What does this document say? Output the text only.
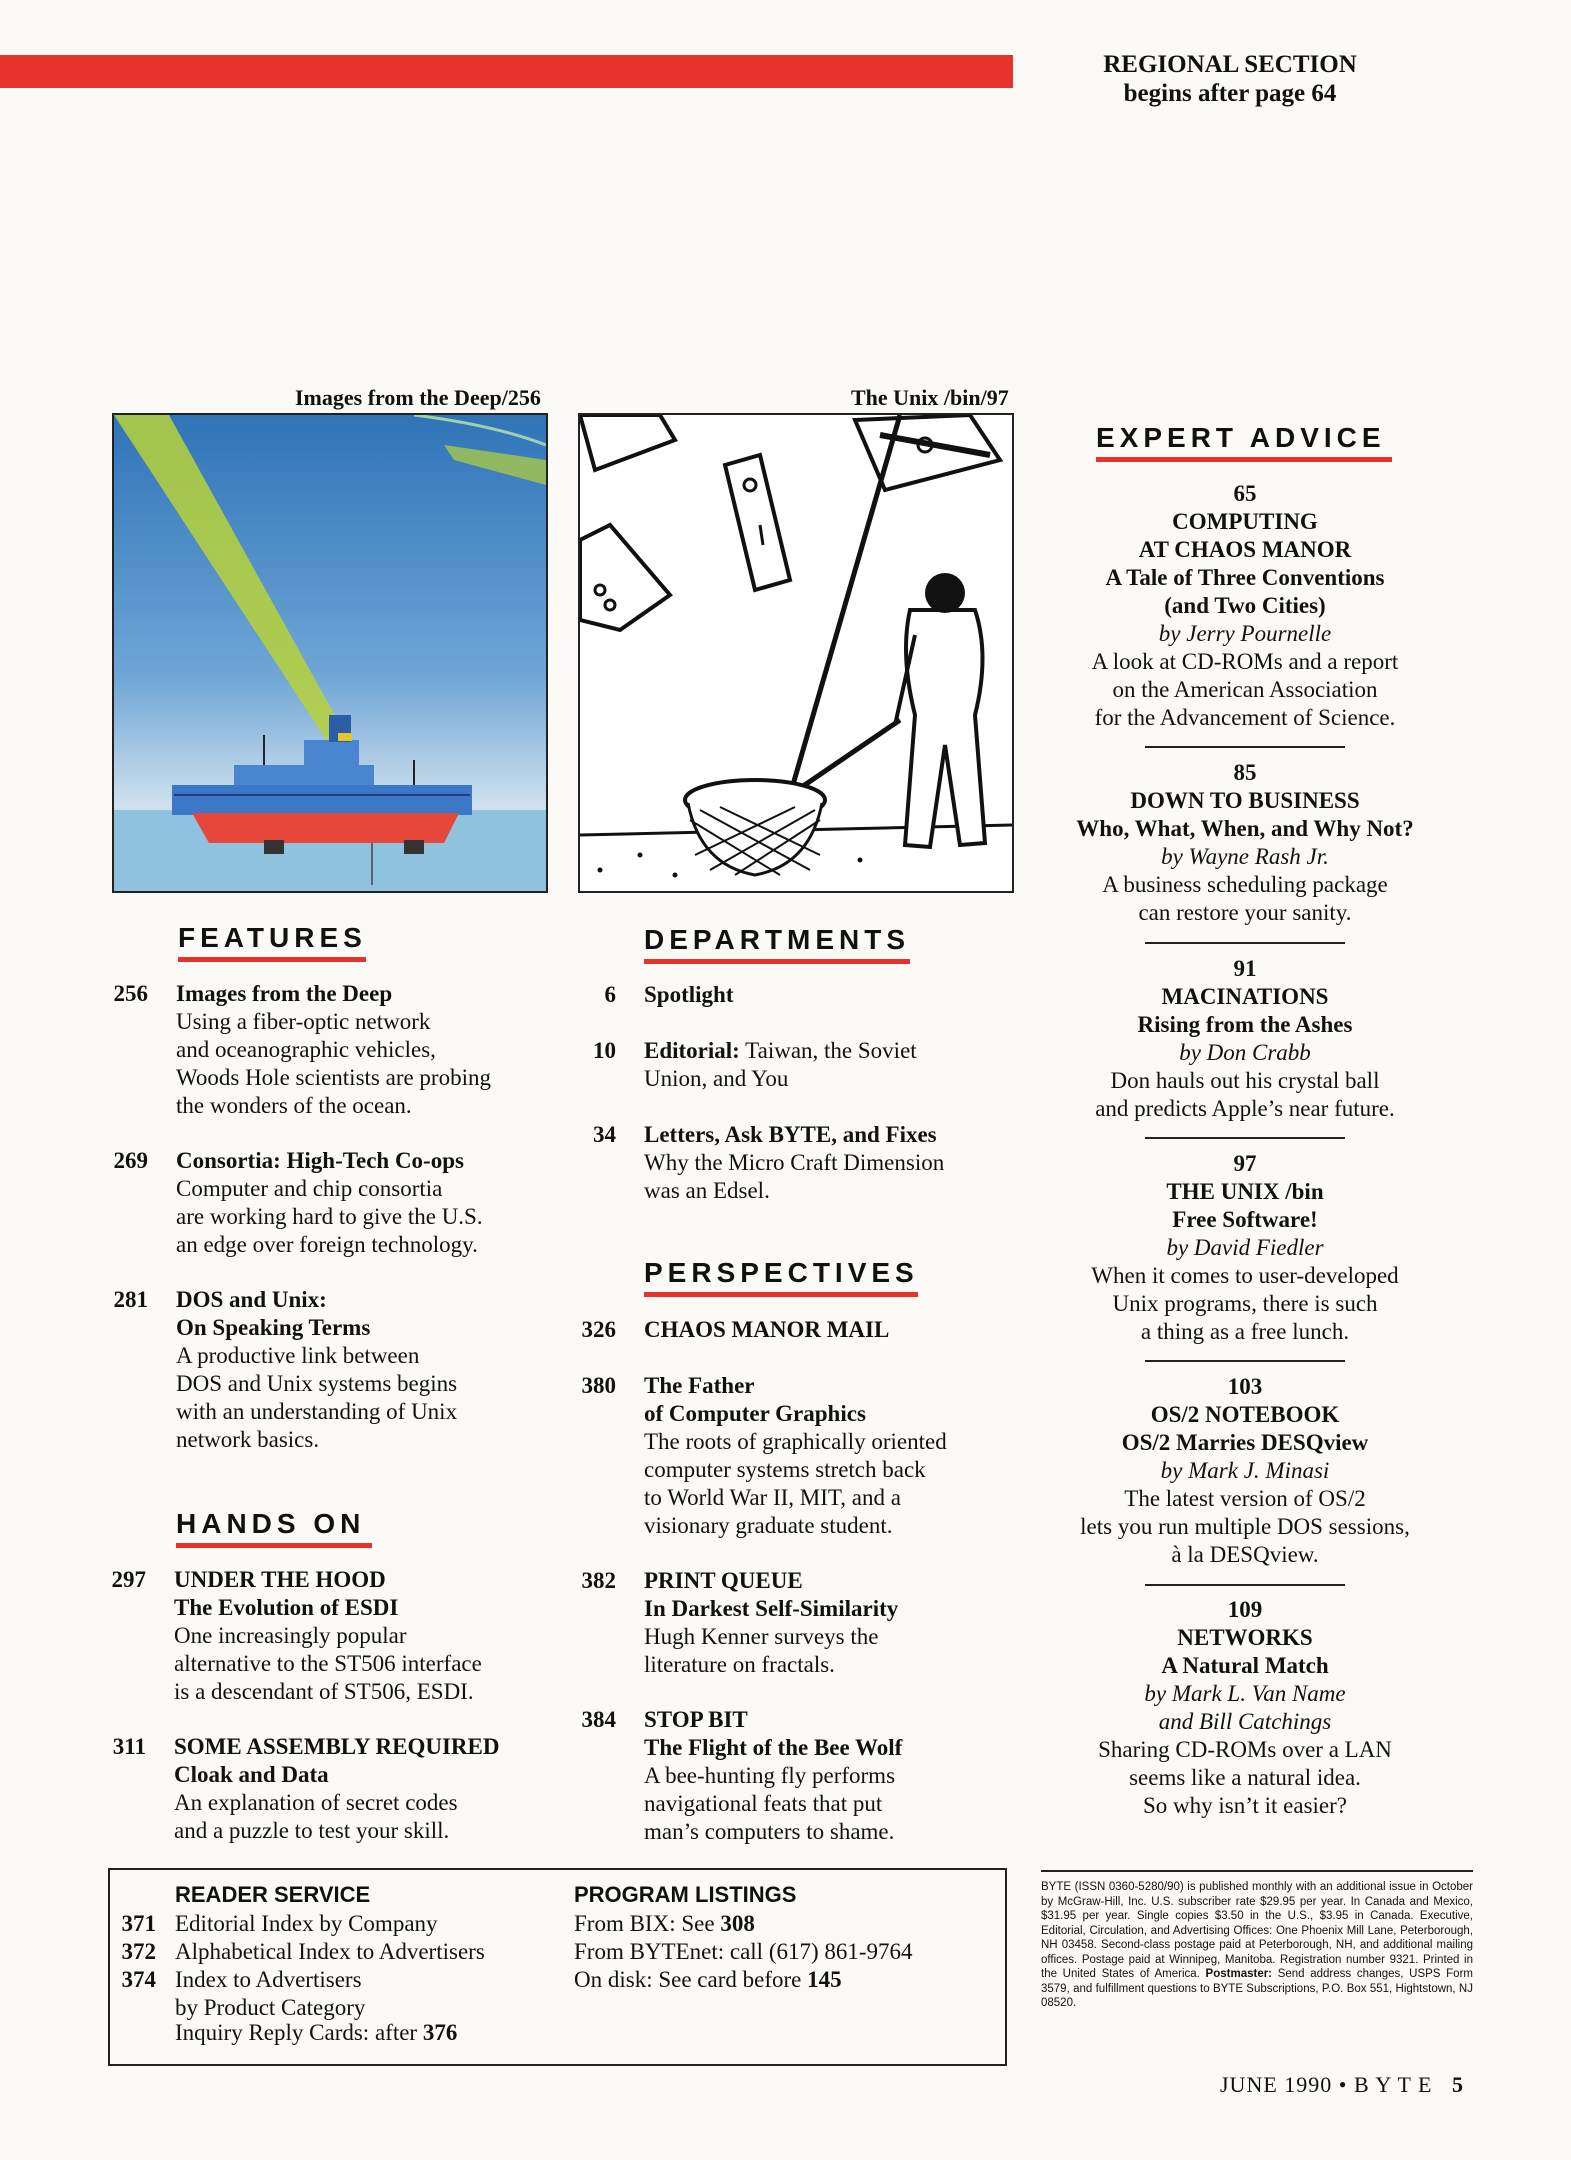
REGIONAL SECTION
begins after page 64
Images from the Deep/256	The Unix /bin/97
FEATURES
256 Images from the Deep
Using a fiber-optic network
and oceanographic vehicles,
Woods Hole scientists are probing
the wonders of the ocean.
269 Consortia: High-Tech Co-ops
Computer and chip consortia
are working hard to give the U.S.
an edge over foreign technology.
281 DOS and Unix:
On Speaking Terms
A productive link between
DOS and Unix systems begins
with an understanding of Unix
network basics.
HANDS ON
297 UNDER THE HOOD
The Evolution of ESDI
One increasingly popular
alternative to the ST506 interface
is a descendant of ST506, ESDI.
311 SOME ASSEMBLY REQUIRED
Cloak and Data
An explanation of secret codes
and a puzzle to test your skill.
DEPARTMENTS
6 Spotlight
10 Editorial: Taiwan, the Soviet
Union, and You
34 Letters, Ask BYTE, and Fixes
Why the Micro Craft Dimension
was an Edsel.
PERSPECTIVES
326 CHAOS MANOR MAIL
380 The Father
of Computer Graphics
The roots of graphically oriented
computer systems stretch back
to World War II, MIT, and a
visionary graduate student.
382 PRINT QUEUE
In Darkest Self-Similarity
Hugh Kenner surveys the
literature on fractals.
384 STOP BIT
The Flight of the Bee Wolf
A bee-hunting fly performs
navigational feats that put
man’s computers to shame.
EXPERT ADVICE
65
COMPUTING
AT CHAOS MANOR
A Tale of Three Conventions
(and Two Cities)
by Jerry Pournelle
A look at CD-ROMs and a report
on the American Association
for the Advancement of Science.
85
DOWN TO BUSINESS
Who, What, When, and Why Not?
by Wayne Rash Jr.
A business scheduling package
can restore your sanity.
91
MACINATIONS
Rising from the Ashes
by Don Crabb
Don hauls out his crystal ball
and predicts Apple’s near future.
97
THE UNIX /bin
Free Software!
by David Fiedler
When it comes to user-developed
Unix programs, there is such
a thing as a free lunch.
103
OS/2 NOTEBOOK
OS/2 Marries DESQview
by Mark J. Minasi
The latest version of OS/2
lets you run multiple DOS sessions,
à la DESQview.
109
NETWORKS
A Natural Match
by Mark L. Van Name
and Bill Catchings
Sharing CD-ROMs over a LAN
seems like a natural idea.
So why isn’t it easier?
READER SERVICE
371 Editorial Index by Company
372 Alphabetical Index to Advertisers
374 Index to Advertisers
by Product Category
Inquiry Reply Cards: after 376
PROGRAM LISTINGS
From BIX: See 308
From BYTEnet: call (617) 861-9764
On disk: See card before 145
BYTE (ISSN 0360-5280/90) is published monthly with an additional issue in October by McGraw-Hill, Inc. U.S. subscriber rate $29.95 per year. In Canada and Mexico, $31.95 per year. Single copies $3.50 in the U.S., $3.95 in Canada. Executive, Editorial, Circulation, and Advertising Offices: One Phoenix Mill Lane, Peterborough, NH 03458. Second-class postage paid at Peterborough, NH, and additional mailing offices. Postage paid at Winnipeg, Manitoba. Registration number 9321. Printed in the United States of America. Postmaster: Send address changes, USPS Form 3579, and fulfillment questions to BYTE Subscriptions, P.O. Box 551, Hightstown, NJ 08520.
JUNE 1990 • B Y T E 5
